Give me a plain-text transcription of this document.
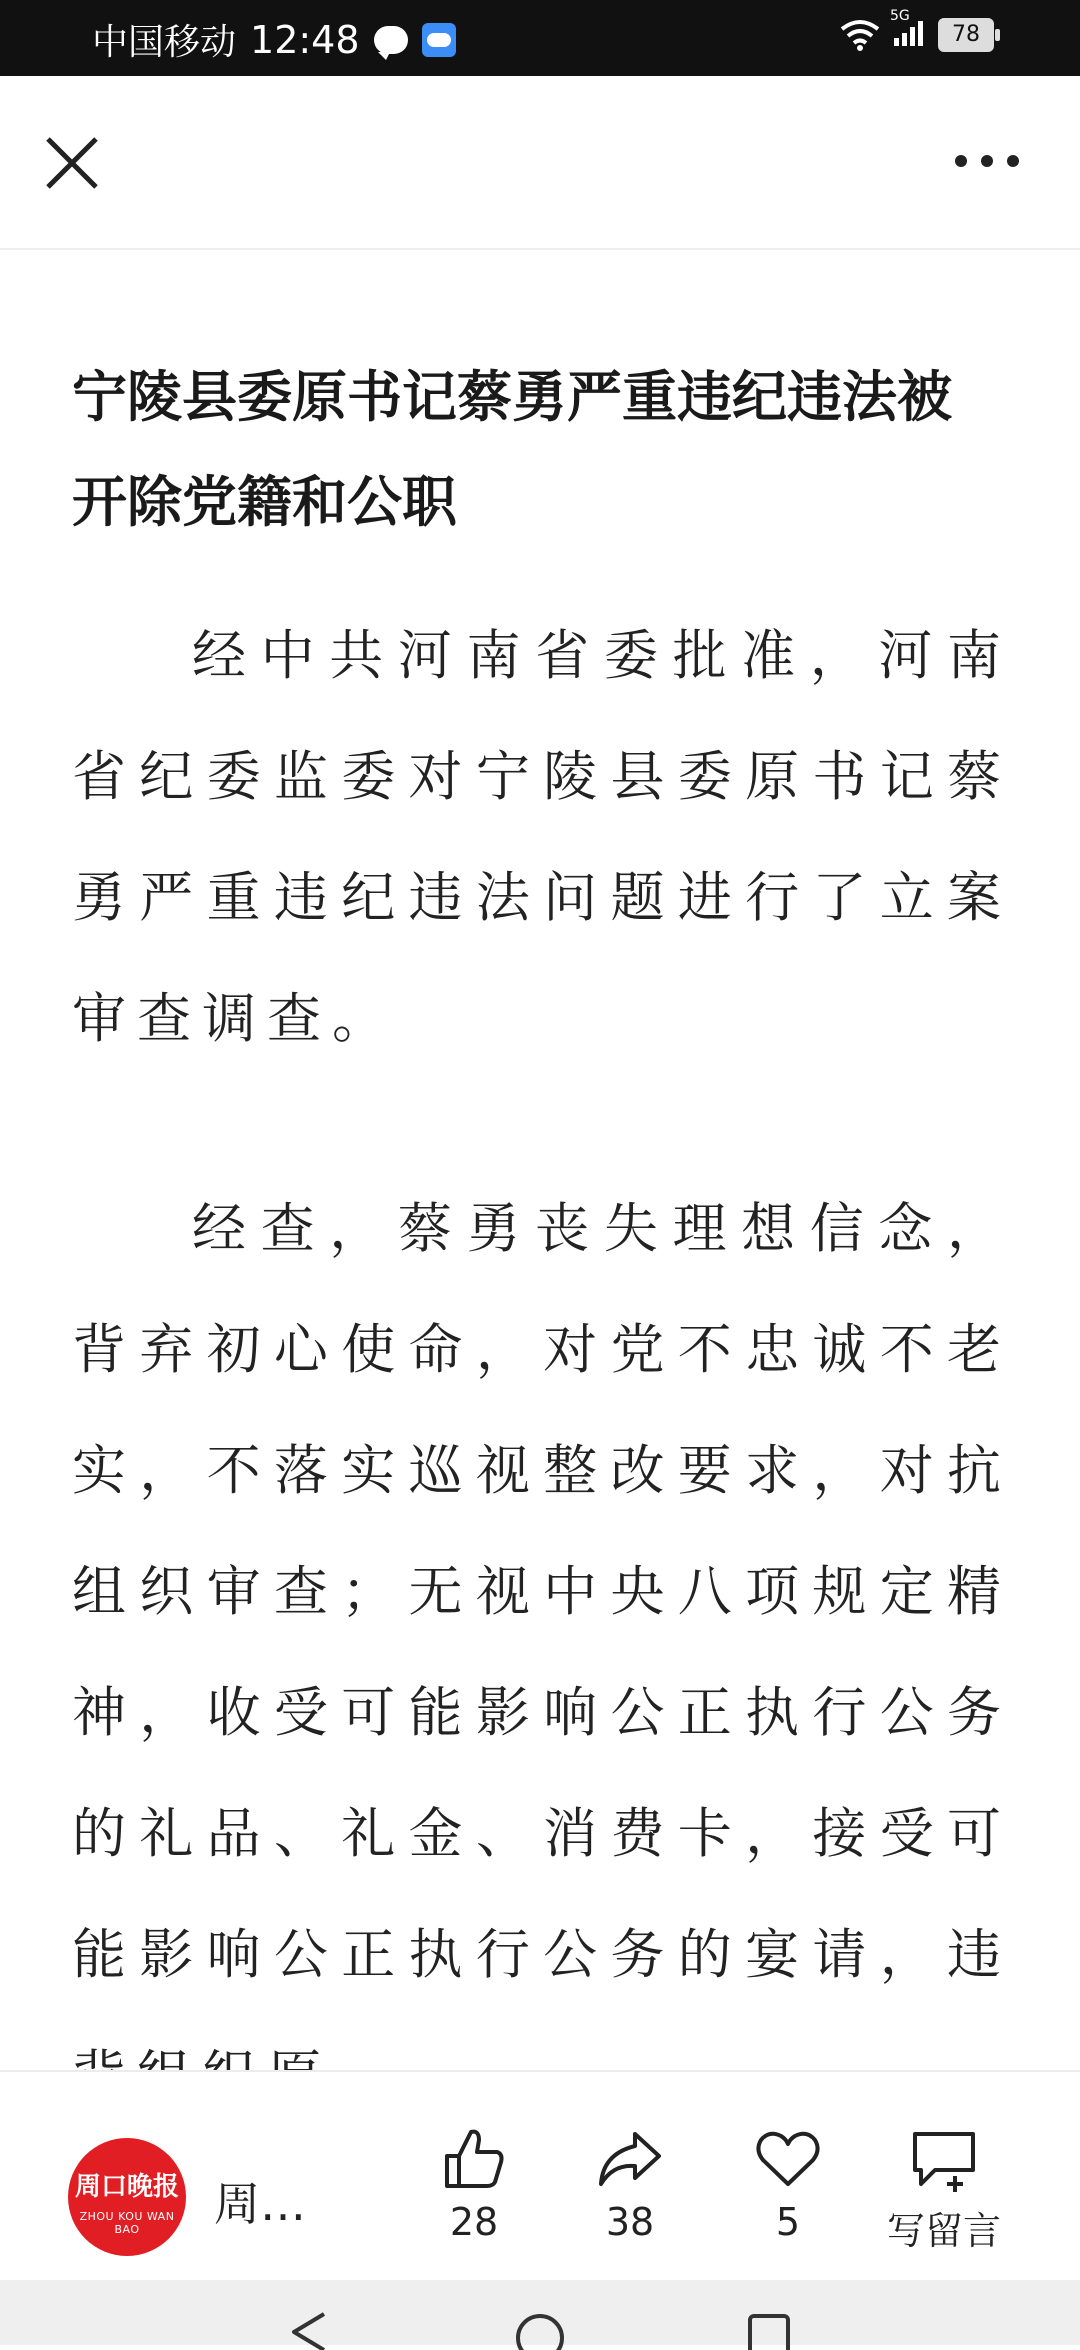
中国移动 12:48
5G
78
宁陵县委原书记蔡勇严重违纪违法被开除党籍和公职
经中共河南省委批准，河南省纪委监委对宁陵县委原书记蔡勇严重违纪违法问题进行了立案审查调查。
经查，蔡勇丧失理想信念，背弃初心使命，对党不忠诚不老实，不落实巡视整改要求，对抗组织审查；无视中央八项规定精神，收受可能影响公正执行公务的礼品、礼金、消费卡，接受可能影响公正执行公务的宴请，违
周口晚报
ZHOU KOU WAN BAO	周…	28	38	5	写留言
